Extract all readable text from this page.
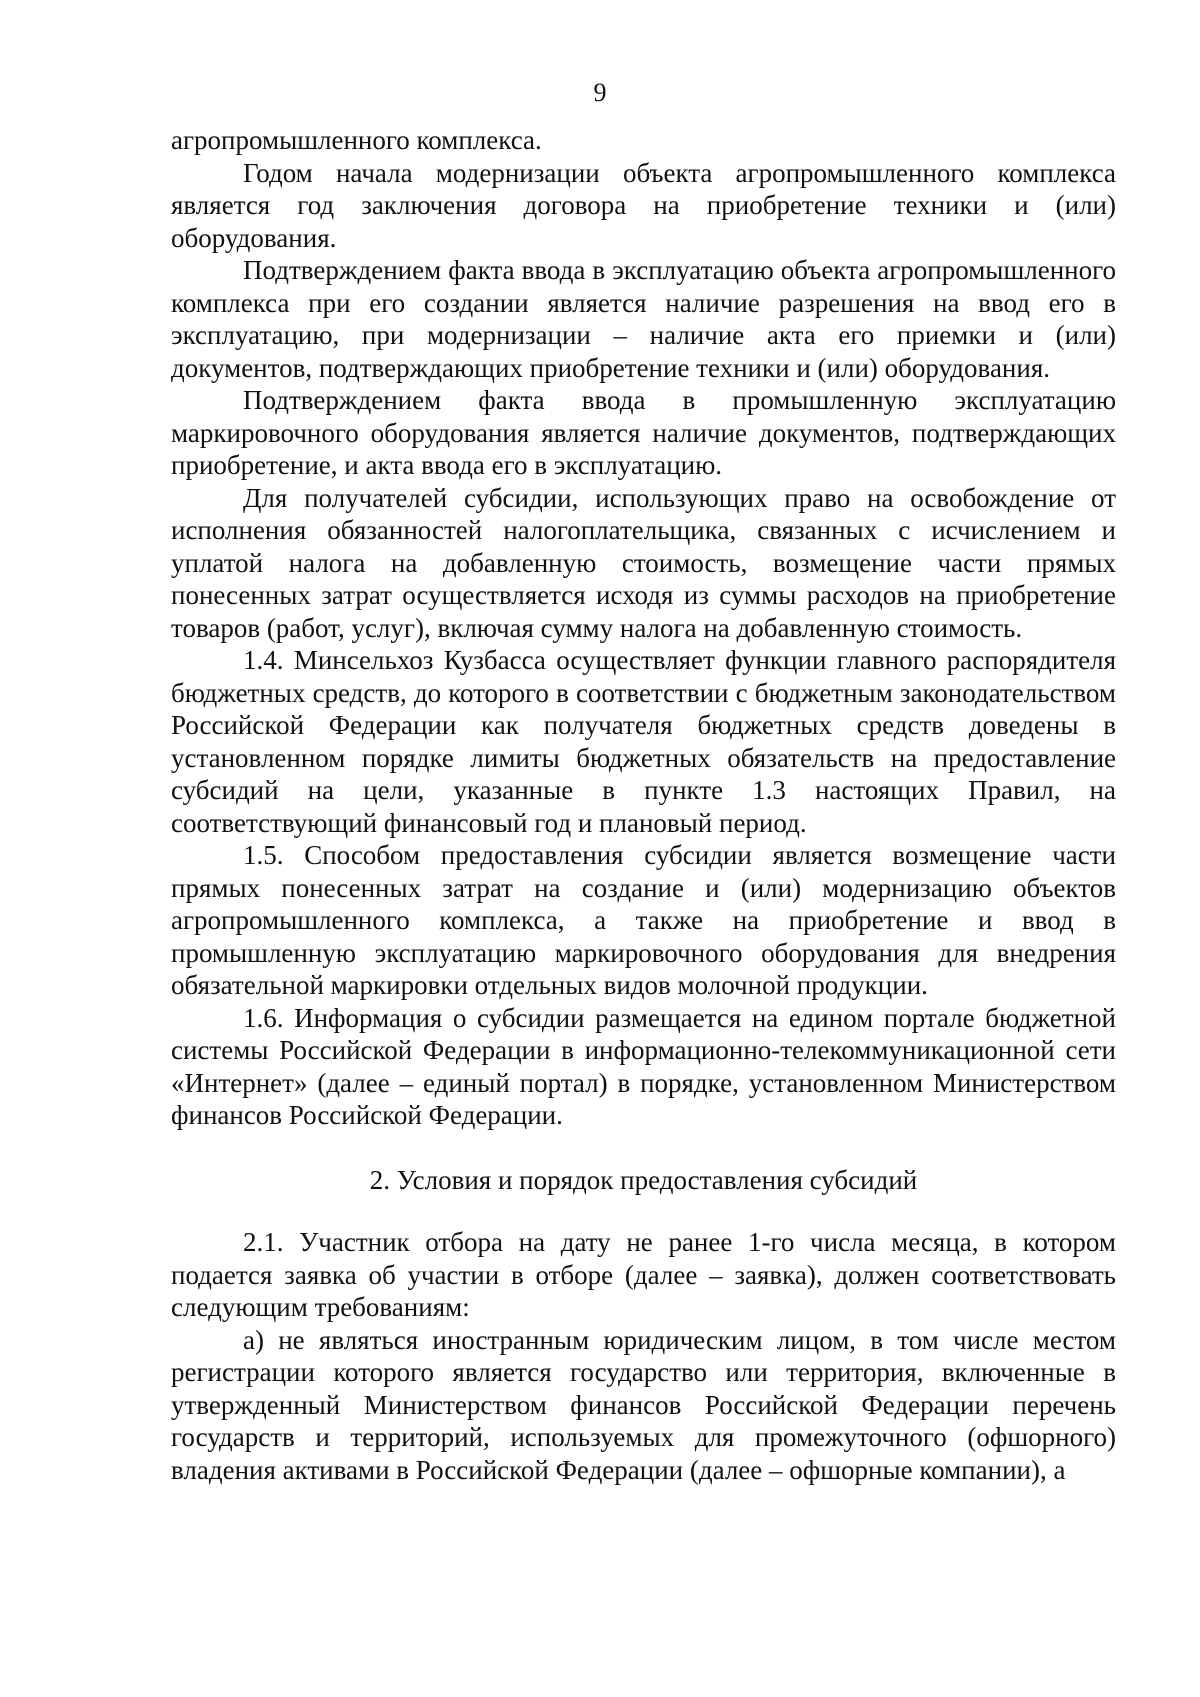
9

агропромышленного комплекса.

Годом начала модернизации объекта агропромышленного комплекса является год заключения договора на приобретение техники и (или) оборудования.

Подтверждением факта ввода в эксплуатацию объекта агропромышленного комплекса при его создании является наличие разрешения на ввод его в эксплуатацию, при модернизации – наличие акта его приемки и (или) документов, подтверждающих приобретение техники и (или) оборудования.

Подтверждением факта ввода в промышленную эксплуатацию маркировочного оборудования является наличие документов, подтверждающих приобретение, и акта ввода его в эксплуатацию.

Для получателей субсидии, использующих право на освобождение от исполнения обязанностей налогоплательщика, связанных с исчислением и уплатой налога на добавленную стоимость, возмещение части прямых понесенных затрат осуществляется исходя из суммы расходов на приобретение товаров (работ, услуг), включая сумму налога на добавленную стоимость.

1.4. Минсельхоз Кузбасса осуществляет функции главного распорядителя бюджетных средств, до которого в соответствии с бюджетным законодательством Российской Федерации как получателя бюджетных средств доведены в установленном порядке лимиты бюджетных обязательств на предоставление субсидий на цели, указанные в пункте 1.3 настоящих Правил, на соответствующий финансовый год и плановый период.

1.5. Способом предоставления субсидии является возмещение части прямых понесенных затрат на создание и (или) модернизацию объектов агропромышленного комплекса, а также на приобретение и ввод в промышленную эксплуатацию маркировочного оборудования для внедрения обязательной маркировки отдельных видов молочной продукции.

1.6. Информация о субсидии размещается на едином портале бюджетной системы Российской Федерации в информационно-телекоммуникационной сети «Интернет» (далее – единый портал) в порядке, установленном Министерством финансов Российской Федерации.

2. Условия и порядок предоставления субсидий

2.1. Участник отбора на дату не ранее 1-го числа месяца, в котором подается заявка об участии в отборе (далее – заявка), должен соответствовать следующим требованиям:

а) не являться иностранным юридическим лицом, в том числе местом регистрации которого является государство или территория, включенные в утвержденный Министерством финансов Российской Федерации перечень государств и территорий, используемых для промежуточного (офшорного) владения активами в Российской Федерации (далее – офшорные компании), а
